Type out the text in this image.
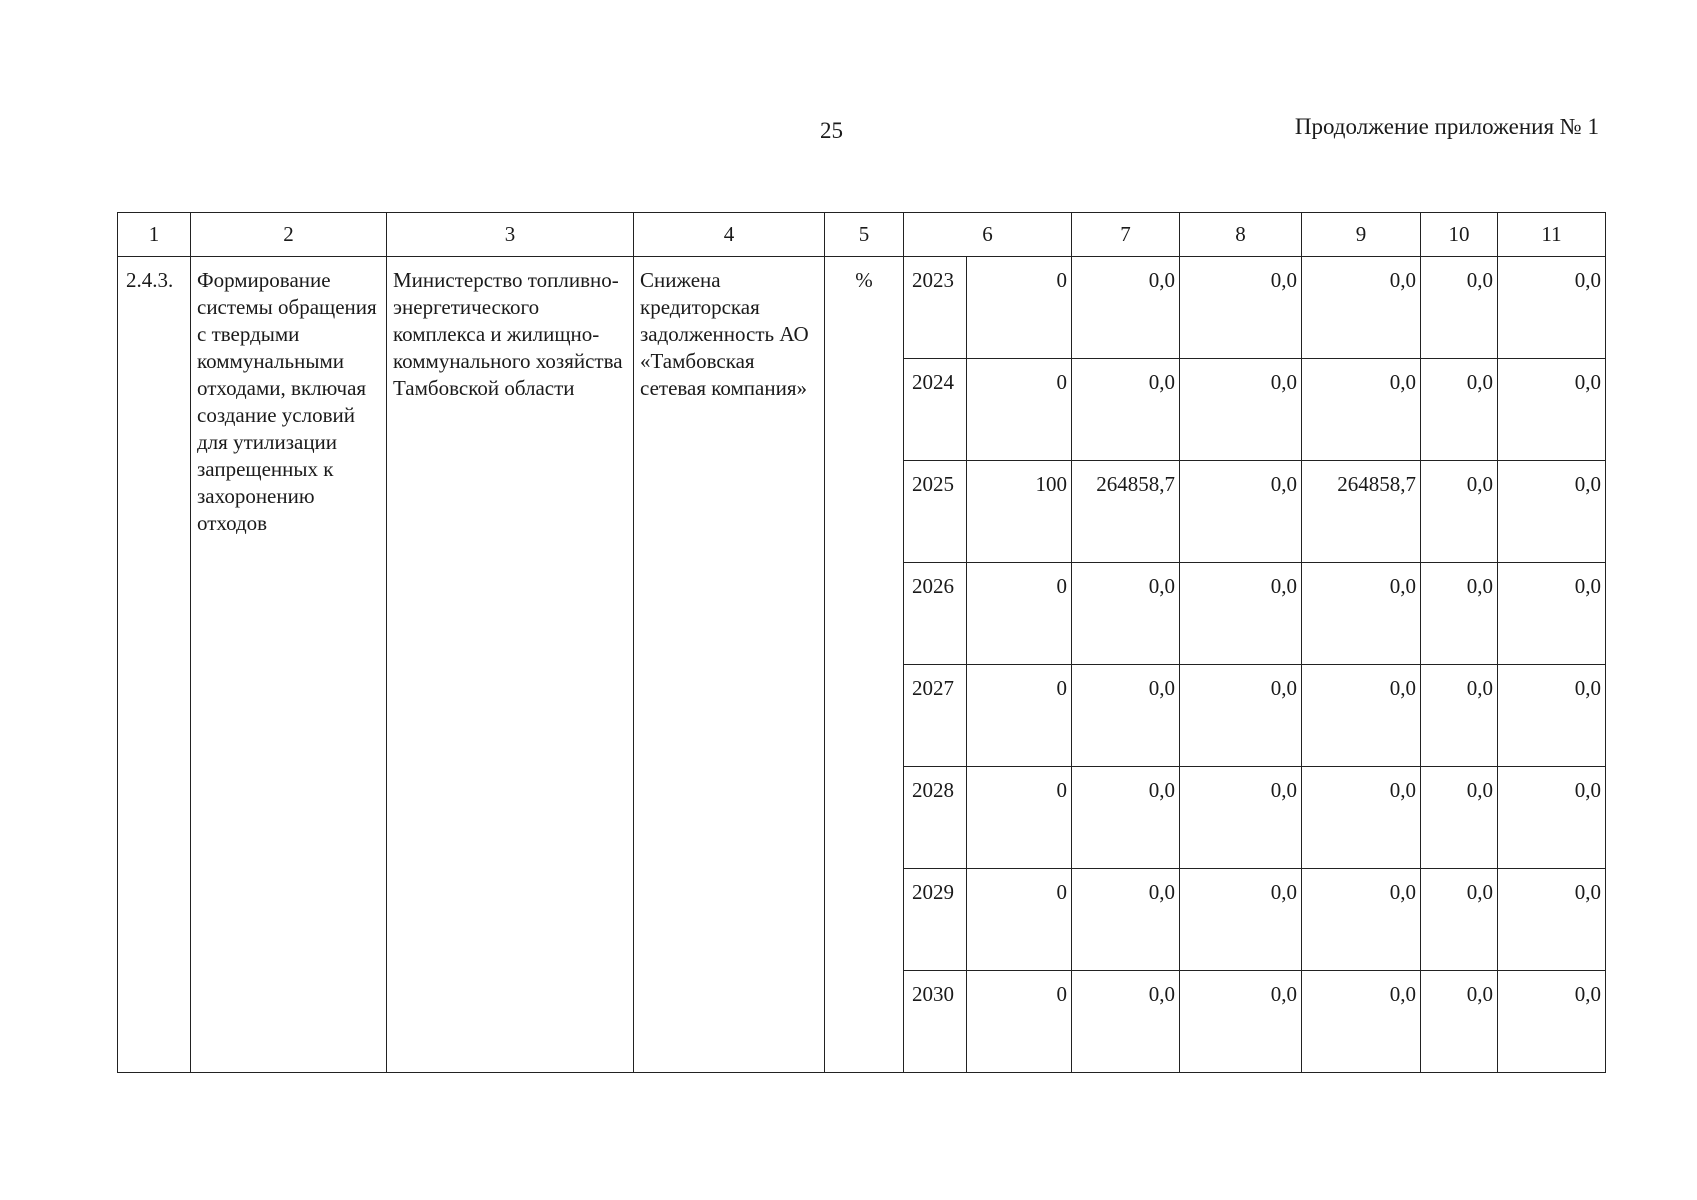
25	Продолжение приложения № 1
1	2	3	4	5	6		7	8	9	10	11
2.4.3.	Формирование системы обращения с твердыми коммунальными отходами, включая создание условий для утилизации запрещенных к захоронению отходов	Министерство топливно-энергетического комплекса и жилищно-коммунального хозяйства Тамбовской области	Снижена кредиторская задолженность АО «Тамбовская сетевая компания»	%	2023	0	0,0	0,0	0,0	0,0	0,0
					2024	0	0,0	0,0	0,0	0,0	0,0
					2025	100	264858,7	0,0	264858,7	0,0	0,0
					2026	0	0,0	0,0	0,0	0,0	0,0
					2027	0	0,0	0,0	0,0	0,0	0,0
					2028	0	0,0	0,0	0,0	0,0	0,0
					2029	0	0,0	0,0	0,0	0,0	0,0
					2030	0	0,0	0,0	0,0	0,0	0,0
